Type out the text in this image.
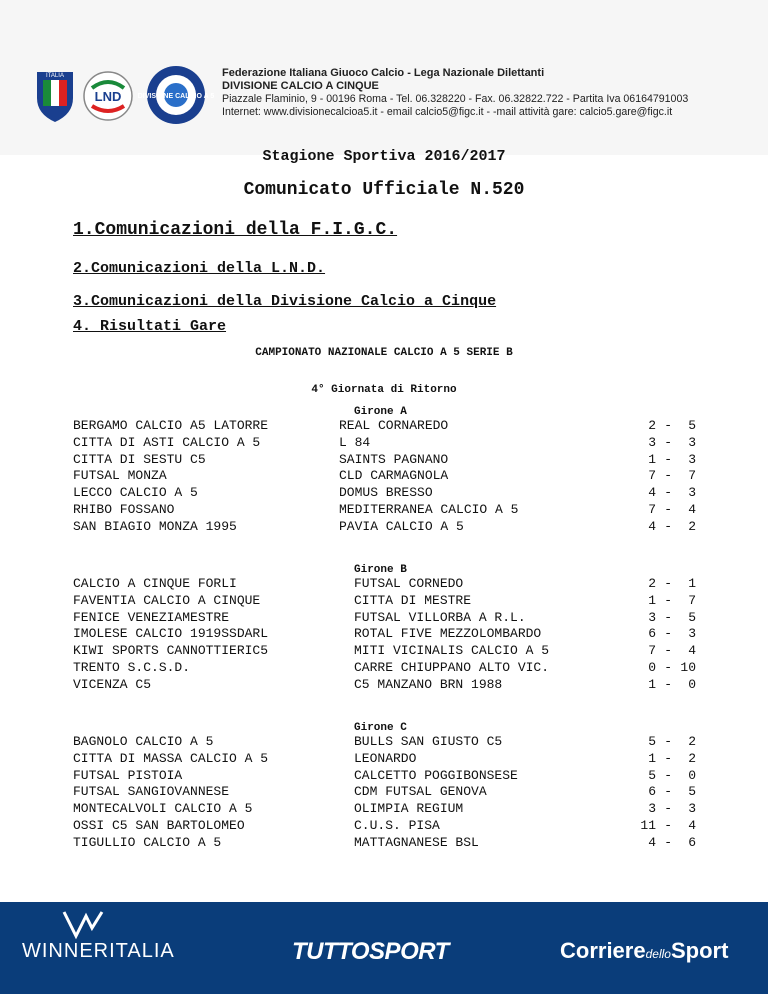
ITALIA
LND DIVISIONE CALCIO A 5
Federazione Italiana Giuoco Calcio - Lega Nazionale Dilettanti
DIVISIONE CALCIO A CINQUE
Piazzale Flaminio, 9 - 00196 Roma - Tel. 06.328220 - Fax. 06.32822.722 - Partita Iva 06164791003
Internet: www.divisionecalcioa5.it - email calcio5@figc.it - -mail attività gare: calcio5.gare@figc.it
Stagione Sportiva 2016/2017
Comunicato Ufficiale N.520
1.Comunicazioni della F.I.G.C.
2.Comunicazioni della L.N.D.
3.Comunicazioni della Divisione Calcio a Cinque
4. Risultati Gare
CAMPIONATO NAZIONALE CALCIO A 5 SERIE B
4° Giornata di Ritorno
Girone A
BERGAMO CALCIO A5 LATORRE
CITTA DI ASTI CALCIO A 5
CITTA DI SESTU C5
FUTSAL MONZA
LECCO CALCIO A 5
RHIBO FOSSANO
SAN BIAGIO MONZA 1995
REAL CORNAREDO
L 84
SAINTS PAGNANO
CLD CARMAGNOLA
DOMUS BRESSO
MEDITERRANEA CALCIO A 5
PAVIA CALCIO A 5
2 - 5
3 - 3
1 - 3
7 - 7
4 - 3
7 - 4
4 - 2
Girone B
CALCIO A CINQUE FORLI
FAVENTIA CALCIO A CINQUE
FENICE VENEZIAMESTRE
IMOLESE CALCIO 1919SSDARL
KIWI SPORTS CANNOTTIERIC5
TRENTO S.C.S.D.
VICENZA C5
FUTSAL CORNEDO
CITTA DI MESTRE
FUTSAL VILLORBA A R.L.
ROTAL FIVE MEZZOLOMBARDO
MITI VICINALIS CALCIO A 5
CARRE CHIUPPANO ALTO VIC.
C5 MANZANO BRN 1988
2 - 1
1 - 7
3 - 5
6 - 3
7 - 4
0 - 10
1 - 0
Girone C
BAGNOLO CALCIO A 5
CITTA DI MASSA CALCIO A 5
FUTSAL PISTOIA
FUTSAL SANGIOVANNESE
MONTECALVOLI CALCIO A 5
OSSI C5 SAN BARTOLOMEO
TIGULLIO CALCIO A 5
BULLS SAN GIUSTO C5
LEONARDO
CALCETTO POGGIBONSESE
CDM FUTSAL GENOVA
OLIMPIA REGIUM
C.U.S. PISA
MATTAGNANESE BSL
5 - 2
1 - 2
5 - 0
6 - 5
3 - 3
11 - 4
4 - 6
WINNERITALIA	TUTTOSPORT	CorrieredelloSport
